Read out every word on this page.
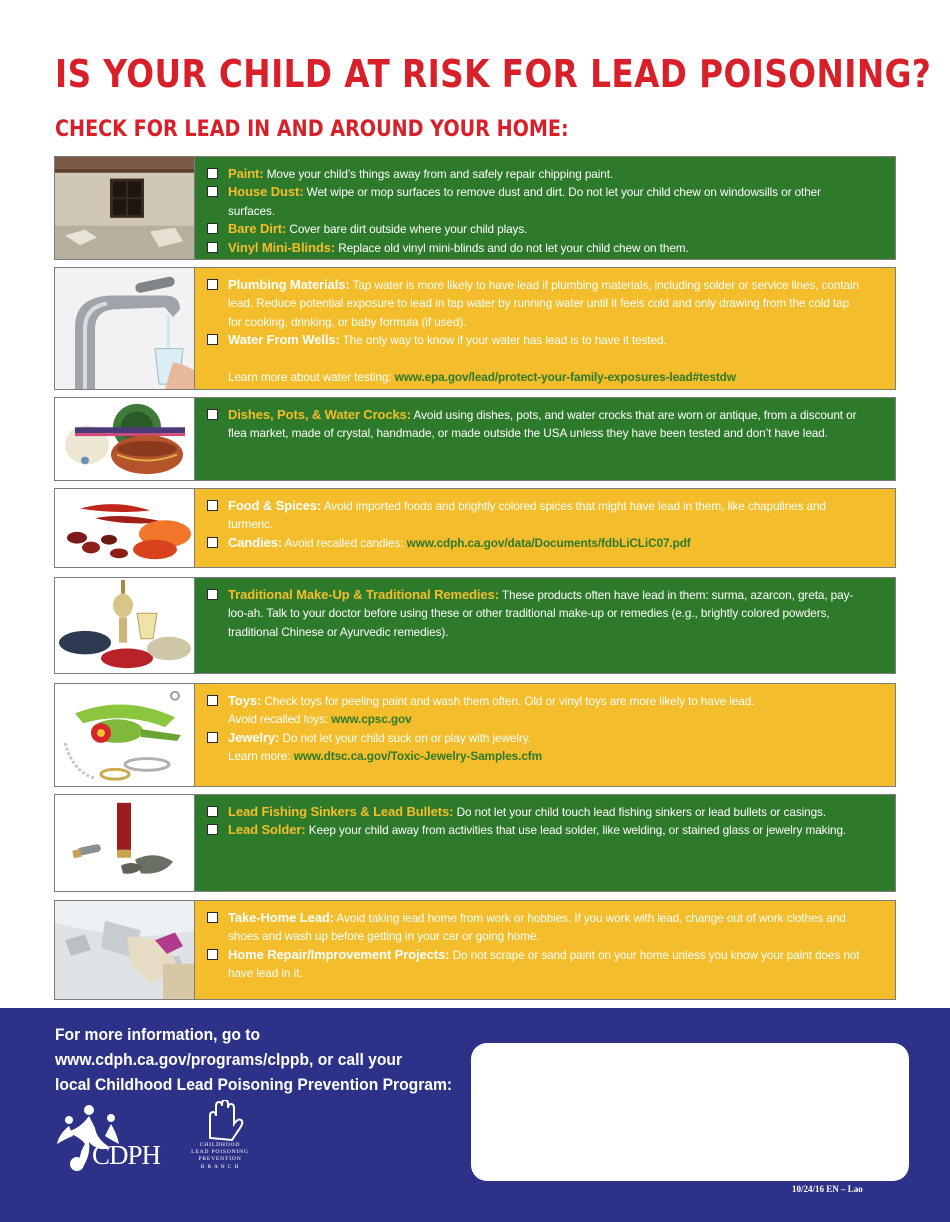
IS YOUR CHILD AT RISK FOR LEAD POISONING?
CHECK FOR LEAD IN AND AROUND YOUR HOME:
Paint: Move your child’s things away from and safely repair chipping paint.
House Dust: Wet wipe or mop surfaces to remove dust and dirt. Do not let your child chew on windowsills or other surfaces.
Bare Dirt: Cover bare dirt outside where your child plays.
Vinyl Mini-Blinds: Replace old vinyl mini-blinds and do not let your child chew on them.
Plumbing Materials: Tap water is more likely to have lead if plumbing materials, including solder or service lines, contain lead. Reduce potential exposure to lead in tap water by running water until it feels cold and only drawing from the cold tap for cooking, drinking, or baby formula (if used).
Water From Wells: The only way to know if your water has lead is to have it tested.
Learn more about water testing: www.epa.gov/lead/protect-your-family-exposures-lead#testdw
Dishes, Pots, & Water Crocks: Avoid using dishes, pots, and water crocks that are worn or antique, from a discount or flea market, made of crystal, handmade, or made outside the USA unless they have been tested and don’t have lead.
Food & Spices: Avoid imported foods and brightly colored spices that might have lead in them, like chapulines and turmeric.
Candies: Avoid recalled candies: www.cdph.ca.gov/data/Documents/fdbLiCLiC07.pdf
Traditional Make-Up & Traditional Remedies: These products often have lead in them: surma, azarcon, greta, pay-loo-ah. Talk to your doctor before using these or other traditional make-up or remedies (e.g., brightly colored powders, traditional Chinese or Ayurvedic remedies).
Toys: Check toys for peeling paint and wash them often. Old or vinyl toys are more likely to have lead.
Avoid recalled toys: www.cpsc.gov
Jewelry: Do not let your child suck on or play with jewelry.
Learn more: www.dtsc.ca.gov/Toxic-Jewelry-Samples.cfm
Lead Fishing Sinkers & Lead Bullets: Do not let your child touch lead fishing sinkers or lead bullets or casings.
Lead Solder: Keep your child away from activities that use lead solder, like welding, or stained glass or jewelry making.
Take-Home Lead: Avoid taking lead home from work or hobbies. If you work with lead, change out of work clothes and shoes and wash up before getting in your car or going home.
Home Repair/Improvement Projects: Do not scrape or sand paint on your home unless you know your paint does not have lead in it.
For more information, go to
www.cdph.ca.gov/programs/clppb, or call your
local Childhood Lead Poisoning Prevention Program:
CDPH	CHILDHOOD
LEAD POISONING
PREVENTION
B R A N C H
10/24/16 EN – Lao
